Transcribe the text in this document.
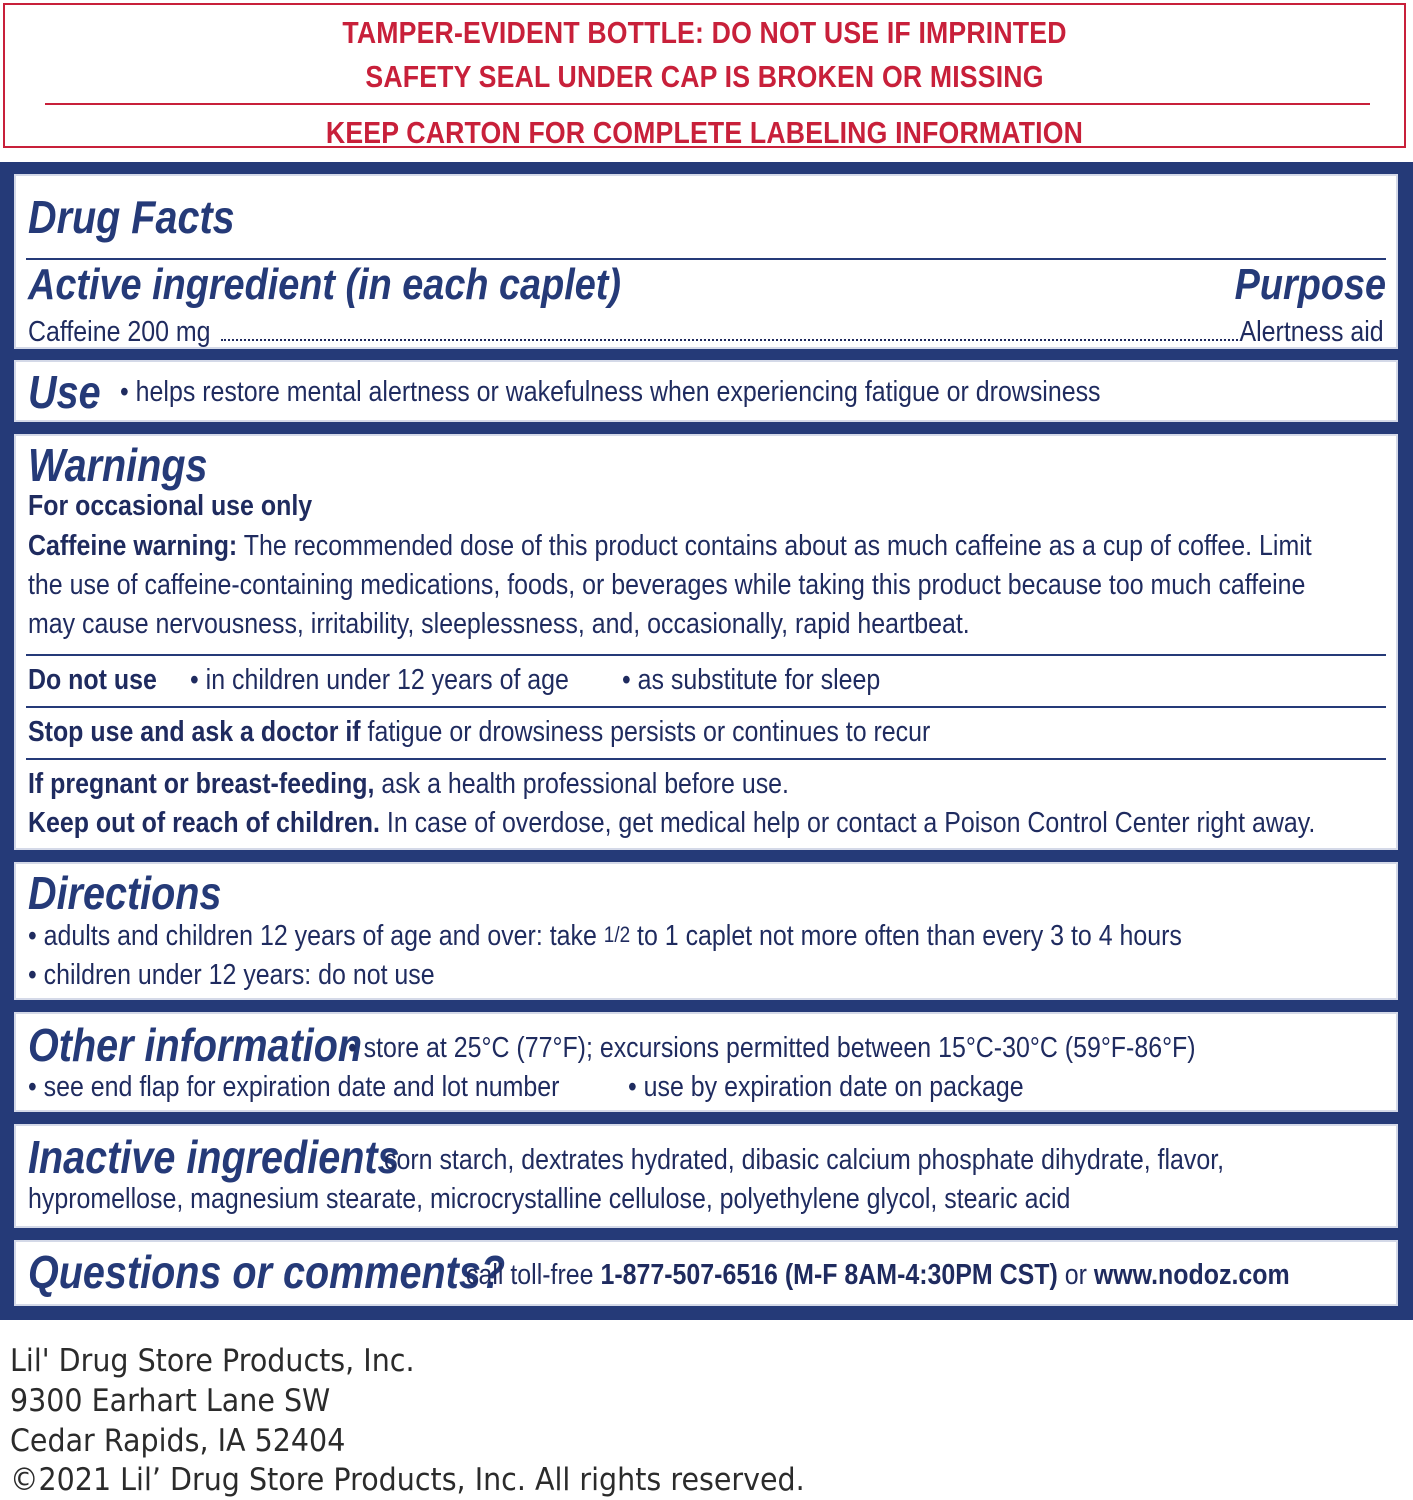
TAMPER-EVIDENT BOTTLE: DO NOT USE IF IMPRINTED
SAFETY SEAL UNDER CAP IS BROKEN OR MISSING
KEEP CARTON FOR COMPLETE LABELING INFORMATION
Drug Facts
Active ingredient (in each caplet)	Purpose
Caffeine 200 mg	Alertness aid
Use • helps restore mental alertness or wakefulness when experiencing fatigue or drowsiness
Warnings
For occasional use only
Caffeine warning: The recommended dose of this product contains about as much caffeine as a cup of coffee. Limit
the use of caffeine-containing medications, foods, or beverages while taking this product because too much caffeine
may cause nervousness, irritability, sleeplessness, and, occasionally, rapid heartbeat.
Do not use • in children under 12 years of age • as substitute for sleep
Stop use and ask a doctor if fatigue or drowsiness persists or continues to recur
If pregnant or breast-feeding, ask a health professional before use.
Keep out of reach of children. In case of overdose, get medical help or contact a Poison Control Center right away.
Directions
• adults and children 12 years of age and over: take 1/2 to 1 caplet not more often than every 3 to 4 hours
• children under 12 years: do not use
Other information
• store at 25°C (77°F); excursions permitted between 15°C-30°C (59°F-86°F)
• see end flap for expiration date and lot number • use by expiration date on package
Inactive ingredients
corn starch, dextrates hydrated, dibasic calcium phosphate dihydrate, flavor,
hypromellose, magnesium stearate, microcrystalline cellulose, polyethylene glycol, stearic acid
Questions or comments?
call toll-free 1-877-507-6516 (M-F 8AM-4:30PM CST) or www.nodoz.com
Lil' Drug Store Products, Inc.
9300 Earhart Lane SW
Cedar Rapids, IA 52404
©2021 Lil’ Drug Store Products, Inc. All rights reserved.
